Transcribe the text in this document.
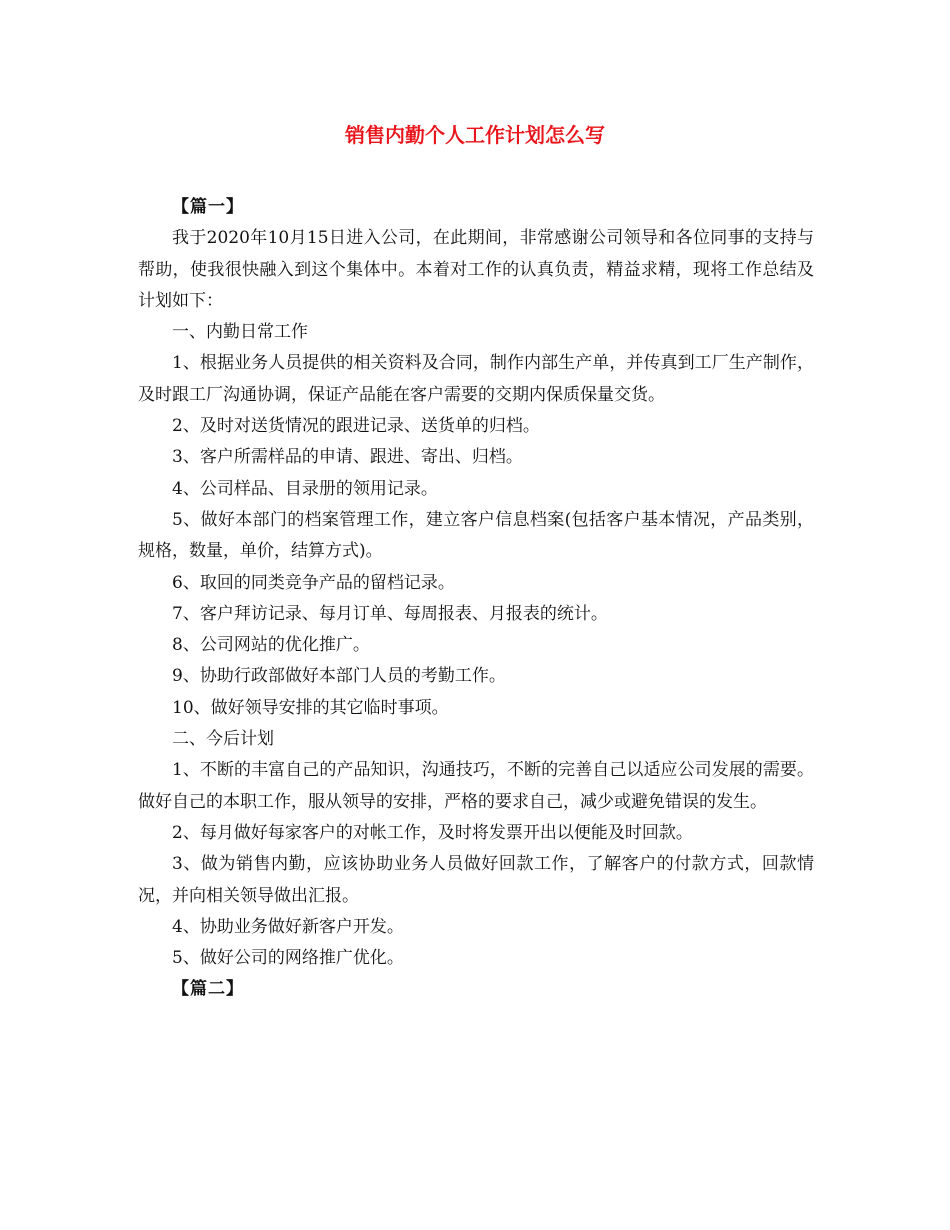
销售内勤个人工作计划怎么写

【篇一】

我于2020年10月15日进入公司，在此期间，非常感谢公司领导和各位同事的支持与帮助，使我很快融入到这个集体中。本着对工作的认真负责，精益求精，现将工作总结及计划如下：

一、内勤日常工作

1、根据业务人员提供的相关资料及合同，制作内部生产单，并传真到工厂生产制作，及时跟工厂沟通协调，保证产品能在客户需要的交期内保质保量交货。

2、及时对送货情况的跟进记录、送货单的归档。

3、客户所需样品的申请、跟进、寄出、归档。

4、公司样品、目录册的领用记录。

5、做好本部门的档案管理工作，建立客户信息档案(包括客户基本情况，产品类别，规格，数量，单价，结算方式)。

6、取回的同类竞争产品的留档记录。

7、客户拜访记录、每月订单、每周报表、月报表的统计。

8、公司网站的优化推广。

9、协助行政部做好本部门人员的考勤工作。

10、做好领导安排的其它临时事项。

二、今后计划

1、不断的丰富自己的产品知识，沟通技巧，不断的完善自己以适应公司发展的需要。做好自己的本职工作，服从领导的安排，严格的要求自己，减少或避免错误的发生。

2、每月做好每家客户的对帐工作，及时将发票开出以便能及时回款。

3、做为销售内勤，应该协助业务人员做好回款工作，了解客户的付款方式，回款情况，并向相关领导做出汇报。

4、协助业务做好新客户开发。

5、做好公司的网络推广优化。

【篇二】
